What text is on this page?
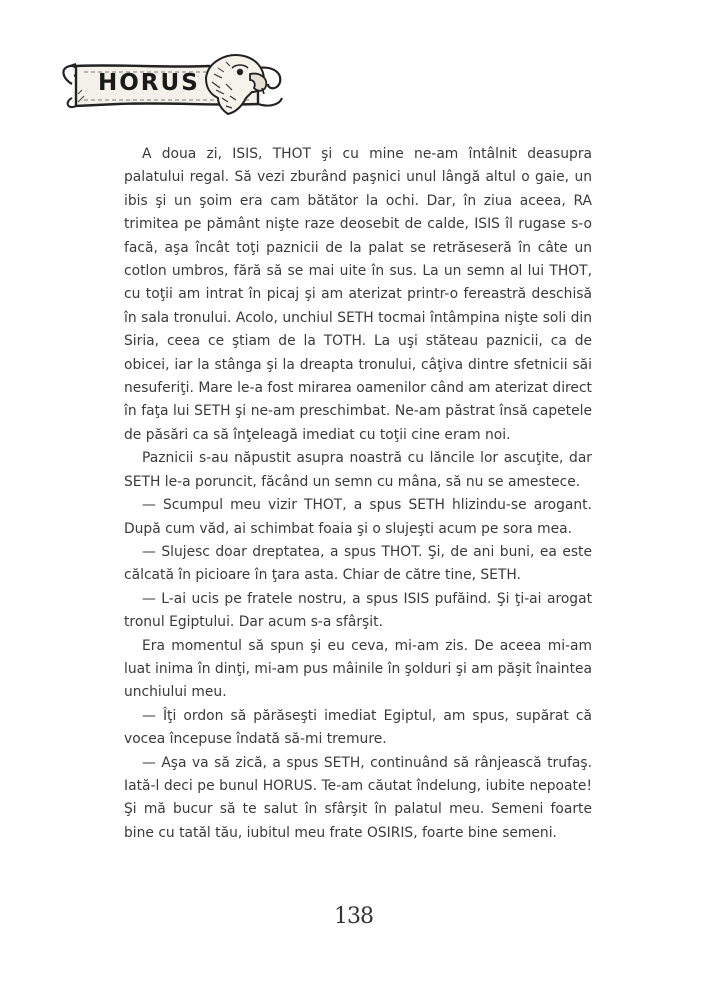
HORUS

A doua zi, ISIS, THOT şi cu mine ne-am întâlnit deasupra palatului regal. Să vezi zburând paşnici unul lângă altul o gaie, un ibis şi un şoim era cam bătător la ochi. Dar, în ziua aceea, RA trimitea pe pământ nişte raze deosebit de calde, ISIS îl rugase s-o facă, aşa încât toţi paznicii de la palat se retrăseseră în câte un cotlon umbros, fără să se mai uite în sus. La un semn al lui THOT, cu toţii am intrat în picaj şi am aterizat printr-o fereastră deschisă în sala tronului. Acolo, unchiul SETH tocmai întâmpina nişte soli din Siria, ceea ce ştiam de la TOTH. La uşi stăteau paznicii, ca de obicei, iar la stânga şi la dreapta tronului, câţiva dintre sfetnicii săi nesuferiţi. Mare le-a fost mirarea oamenilor când am aterizat direct în faţa lui SETH şi ne-am preschimbat. Ne-am păstrat însă capetele de păsări ca să înţeleagă imediat cu toţii cine eram noi.

Paznicii s-au năpustit asupra noastră cu lăncile lor ascuţite, dar SETH le-a poruncit, făcând un semn cu mâna, să nu se amestece.

— Scumpul meu vizir THOT, a spus SETH hlizindu-se arogant. După cum văd, ai schimbat foaia şi o slujeşti acum pe sora mea.

— Slujesc doar dreptatea, a spus THOT. Şi, de ani buni, ea este călcată în picioare în ţara asta. Chiar de către tine, SETH.

— L-ai ucis pe fratele nostru, a spus ISIS pufăind. Şi ţi-ai arogat tronul Egiptului. Dar acum s-a sfârşit.

Era momentul să spun şi eu ceva, mi-am zis. De aceea mi-am luat inima în dinţi, mi-am pus mâinile în şolduri şi am păşit înaintea unchiului meu.

— Îţi ordon să părăseşti imediat Egiptul, am spus, supărat că vocea începuse îndată să-mi tremure.

— Aşa va să zică, a spus SETH, continuând să rânjească trufaş. Iată-l deci pe bunul HORUS. Te-am căutat îndelung, iubite nepoate! Şi mă bucur să te salut în sfârşit în palatul meu. Semeni foarte bine cu tatăl tău, iubitul meu frate OSIRIS, foarte bine semeni.

138
